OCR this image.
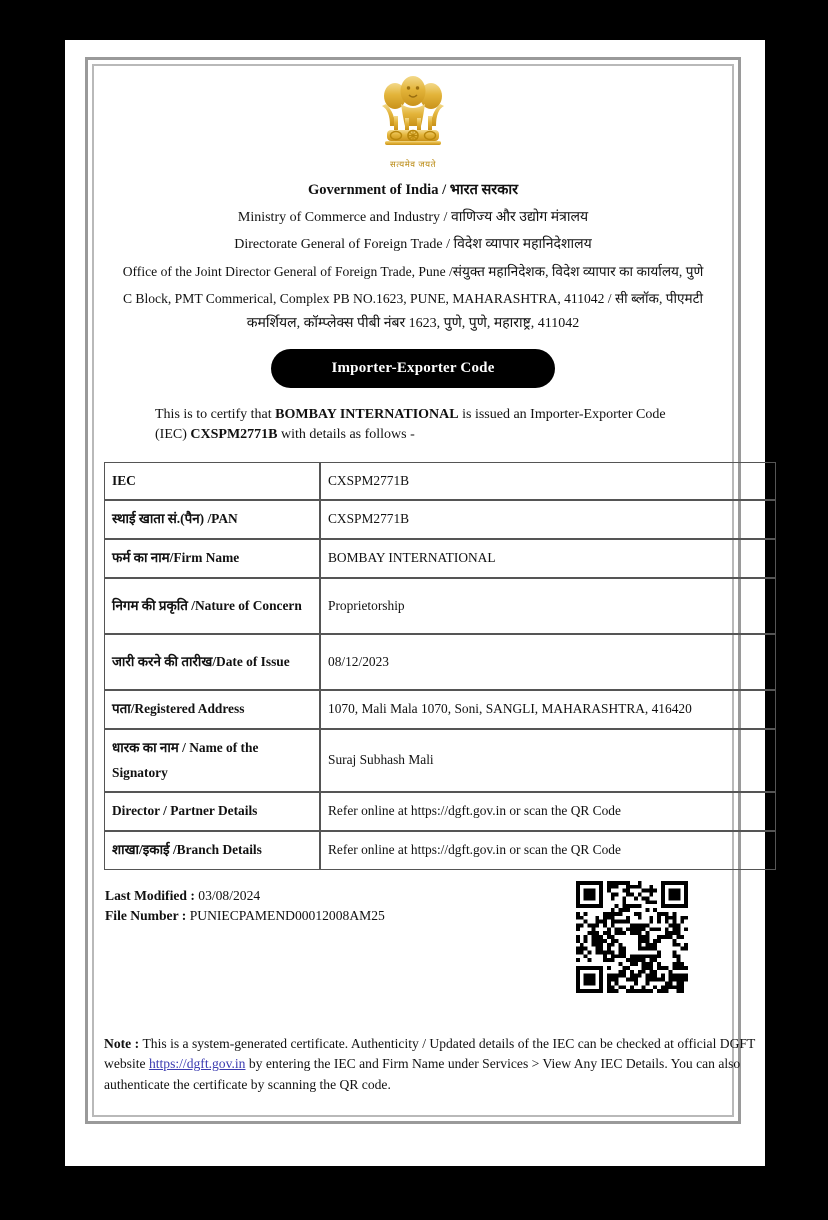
सत्यमेव जयते
Government of India / भारत सरकार
Ministry of Commerce and Industry / वाणिज्य और उद्योग मंत्रालय
Directorate General of Foreign Trade / विदेश व्यापार महानिदेशालय
Office of the Joint Director General of Foreign Trade, Pune /संयुक्त महानिदेशक, विदेश व्यापार का कार्यालय, पुणे
C Block, PMT Commerical, Complex PB NO.1623, PUNE, MAHARASHTRA, 411042 / सी ब्लॉक, पीएमटी
कमर्शियल, कॉम्प्लेक्स पीबी नंबर 1623, पुणे, पुणे, महाराष्ट्र, 411042
Importer-Exporter Code
This is to certify that BOMBAY INTERNATIONAL is issued an Importer-Exporter Code (IEC) CXSPM2771B with details as follows -
IEC	CXSPM2771B
स्थाई खाता सं.(पैन) /PAN	CXSPM2771B
फर्म का नाम/Firm Name	BOMBAY INTERNATIONAL
निगम की प्रकृति /Nature of Concern	Proprietorship
जारी करने की तारीख/Date of Issue	08/12/2023
पता/Registered Address	1070, Mali Mala 1070, Soni, SANGLI, MAHARASHTRA, 416420
धारक का नाम / Name of the Signatory	Suraj Subhash Mali
Director / Partner Details	Refer online at https://dgft.gov.in or scan the QR Code
शाखा/इकाई /Branch Details	Refer online at https://dgft.gov.in or scan the QR Code
Last Modified : 03/08/2024
File Number : PUNIECPAMEND00012008AM25
Note : This is a system-generated certificate. Authenticity / Updated details of the IEC can be checked at official DGFT website https://dgft.gov.in by entering the IEC and Firm Name under Services > View Any IEC Details. You can also authenticate the certificate by scanning the QR code.
